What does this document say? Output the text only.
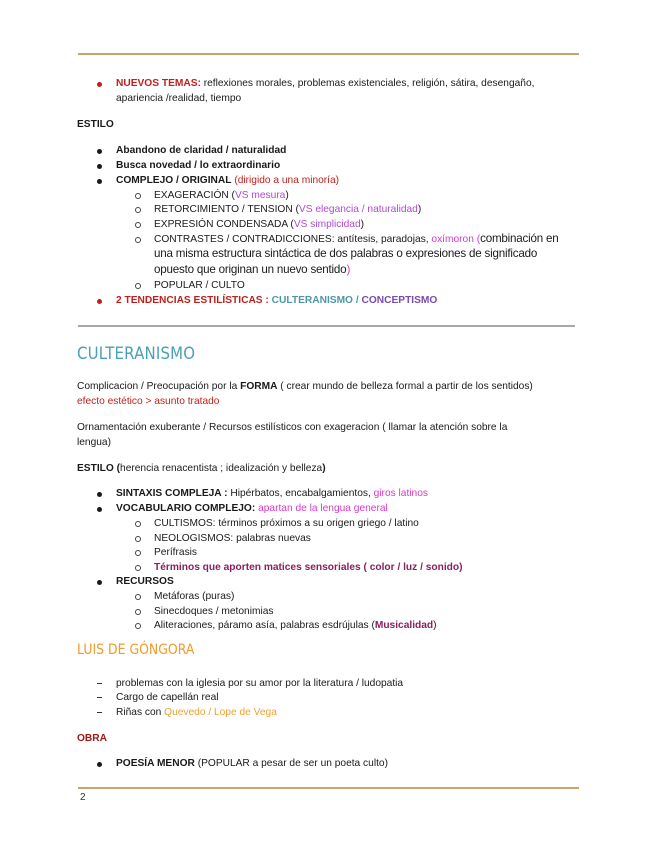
NUEVOS TEMAS: reflexiones morales, problemas existenciales, religión, sátira, desengaño,
apariencia /realidad, tiempo
ESTILO
Abandono de claridad / naturalidad
Busca novedad / lo extraordinario
COMPLEJO / ORIGINAL (dirigido a una minoría)
EXAGERACIÓN (VS mesura)
RETORCIMIENTO / TENSION (VS elegancia / naturalidad)
EXPRESIÓN CONDENSADA (VS simplicidad)
CONTRASTES / CONTRADICCIONES: antítesis, paradojas, oxímoron (combinación en
una misma estructura sintáctica de dos palabras o expresiones de significado
opuesto que originan un nuevo sentido)
POPULAR / CULTO
2 TENDENCIAS ESTILÍSTICAS : CULTERANISMO / CONCEPTISMO
CULTERANISMO
Complicacion / Preocupación por la FORMA ( crear mundo de belleza formal a partir de los sentidos)
efecto estético > asunto tratado
Ornamentación exuberante / Recursos estilísticos con exageracion ( llamar la atención sobre la
lengua)
ESTILO (herencia renacentista ; idealización y belleza)
SINTAXIS COMPLEJA : Hipérbatos, encabalgamientos, giros latinos
VOCABULARIO COMPLEJO: apartan de la lengua general
CULTISMOS: términos próximos a su origen griego / latino
NEOLOGISMOS: palabras nuevas
Perífrasis
Términos que aporten matices sensoriales ( color / luz / sonido)
RECURSOS
Metáforas (puras)
Sinecdoques / metonimias
Aliteraciones, páramo asía, palabras esdrújulas (Musicalidad)
LUIS DE GÓNGORA
problemas con la iglesia por su amor por la literatura / ludopatia
Cargo de capellán real
Riñas con Quevedo / Lope de Vega
OBRA
POESÍA MENOR (POPULAR a pesar de ser un poeta culto)
2
